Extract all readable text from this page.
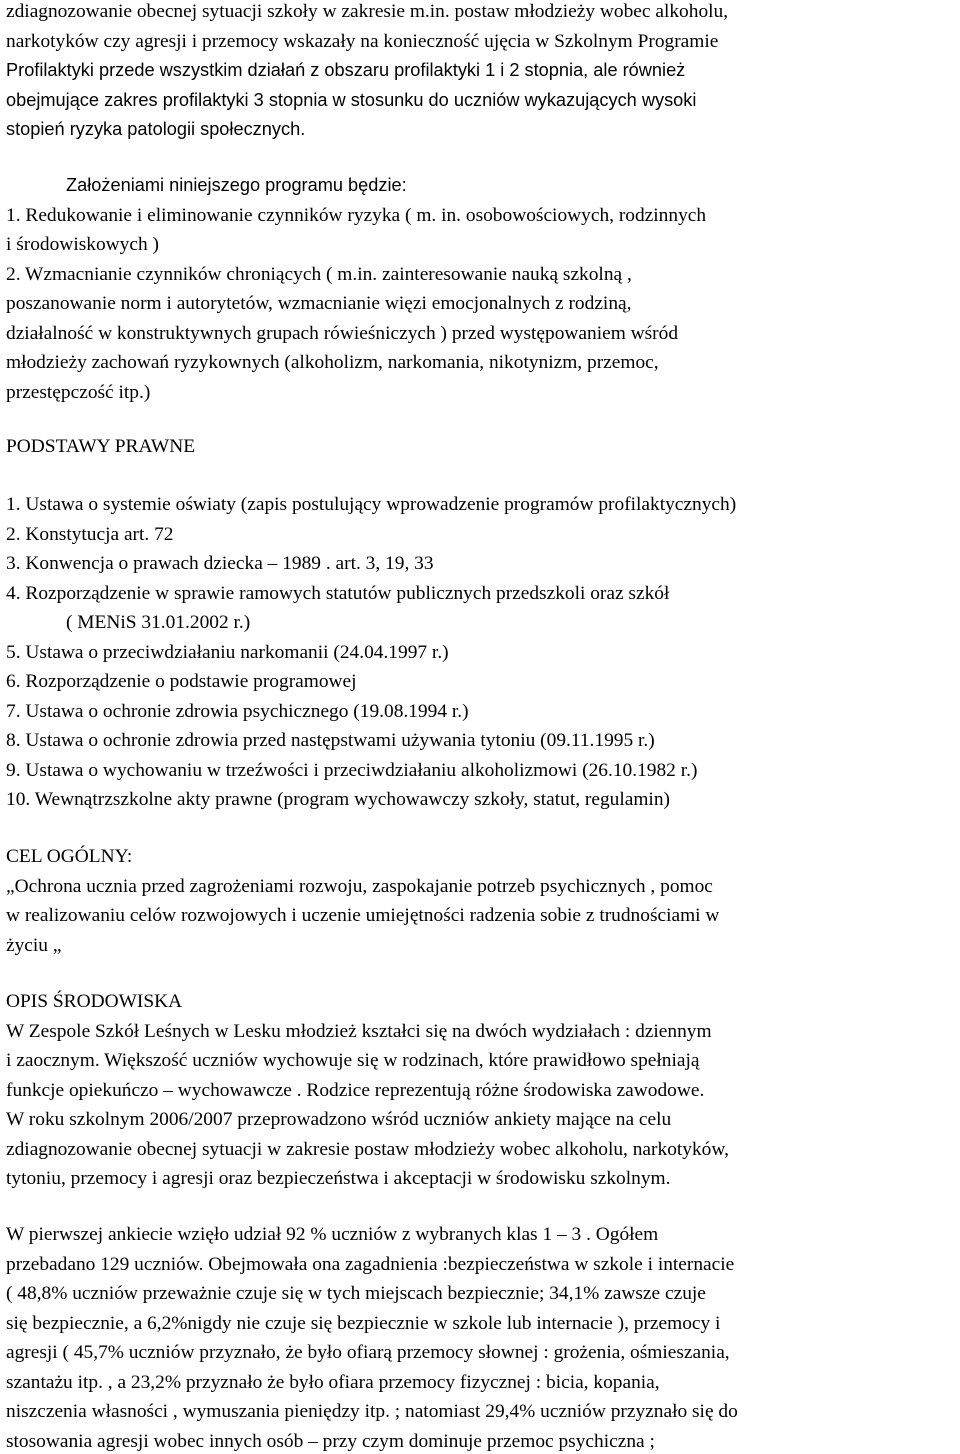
zdiagnozowanie obecnej sytuacji szkoły w zakresie m.in. postaw młodzieży wobec alkoholu,
narkotyków czy agresji i przemocy wskazały na konieczność ujęcia w Szkolnym Programie
Profilaktyki przede wszystkim działań z obszaru profilaktyki 1 i 2 stopnia, ale również
obejmujące zakres profilaktyki 3 stopnia w stosunku do uczniów wykazujących wysoki
stopień ryzyka patologii społecznych.
Założeniami niniejszego programu będzie:
1. Redukowanie i eliminowanie czynników ryzyka ( m. in. osobowościowych, rodzinnych
i środowiskowych )
2. Wzmacnianie czynników chroniących ( m.in. zainteresowanie nauką szkolną ,
poszanowanie norm i autorytetów, wzmacnianie więzi emocjonalnych z rodziną,
działalność w konstruktywnych grupach rówieśniczych ) przed występowaniem wśród
młodzieży zachowań ryzykownych (alkoholizm, narkomania, nikotynizm, przemoc,
przestępczość itp.)
PODSTAWY PRAWNE
1. Ustawa o systemie oświaty (zapis postulujący wprowadzenie programów profilaktycznych)
2. Konstytucja art. 72
3. Konwencja o prawach dziecka – 1989 . art. 3, 19, 33
4. Rozporządzenie w sprawie ramowych statutów publicznych przedszkoli oraz szkół
( MENiS 31.01.2002 r.)
5. Ustawa o przeciwdziałaniu narkomanii (24.04.1997 r.)
6. Rozporządzenie o podstawie programowej
7. Ustawa o ochronie zdrowia psychicznego (19.08.1994 r.)
8. Ustawa o ochronie zdrowia przed następstwami używania tytoniu (09.11.1995 r.)
9. Ustawa o wychowaniu w trzeźwości i przeciwdziałaniu alkoholizmowi (26.10.1982 r.)
10. Wewnątrzszkolne akty prawne (program wychowawczy szkoły, statut, regulamin)
CEL OGÓLNY:
„Ochrona ucznia przed zagrożeniami rozwoju, zaspokajanie potrzeb psychicznych , pomoc
w realizowaniu celów rozwojowych i uczenie umiejętności radzenia sobie z trudnościami w
życiu „
OPIS ŚRODOWISKA
W Zespole Szkół Leśnych w Lesku młodzież kształci się na dwóch wydziałach : dziennym
i zaocznym. Większość uczniów wychowuje się w rodzinach, które prawidłowo spełniają
funkcje opiekuńczo – wychowawcze . Rodzice reprezentują różne środowiska zawodowe.
W roku szkolnym 2006/2007 przeprowadzono wśród uczniów ankiety mające na celu
zdiagnozowanie obecnej sytuacji w zakresie postaw młodzieży wobec alkoholu, narkotyków,
tytoniu, przemocy i agresji oraz bezpieczeństwa i akceptacji w środowisku szkolnym.
W pierwszej ankiecie wzięło udział 92 % uczniów z wybranych klas 1 – 3 . Ogółem
przebadano 129 uczniów. Obejmowała ona zagadnienia :bezpieczeństwa w szkole i internacie
( 48,8% uczniów przeważnie czuje się w tych miejscach bezpiecznie; 34,1% zawsze czuje
się bezpiecznie, a 6,2%nigdy nie czuje się bezpiecznie w szkole lub internacie ), przemocy i
agresji ( 45,7% uczniów przyznało, że było ofiarą przemocy słownej : grożenia, ośmieszania,
szantażu itp. , a 23,2% przyznało że było ofiara przemocy fizycznej : bicia, kopania,
niszczenia własności , wymuszania pieniędzy itp. ; natomiast 29,4% uczniów przyznało się do
stosowania agresji wobec innych osób – przy czym dominuje przemoc psychiczna ;
